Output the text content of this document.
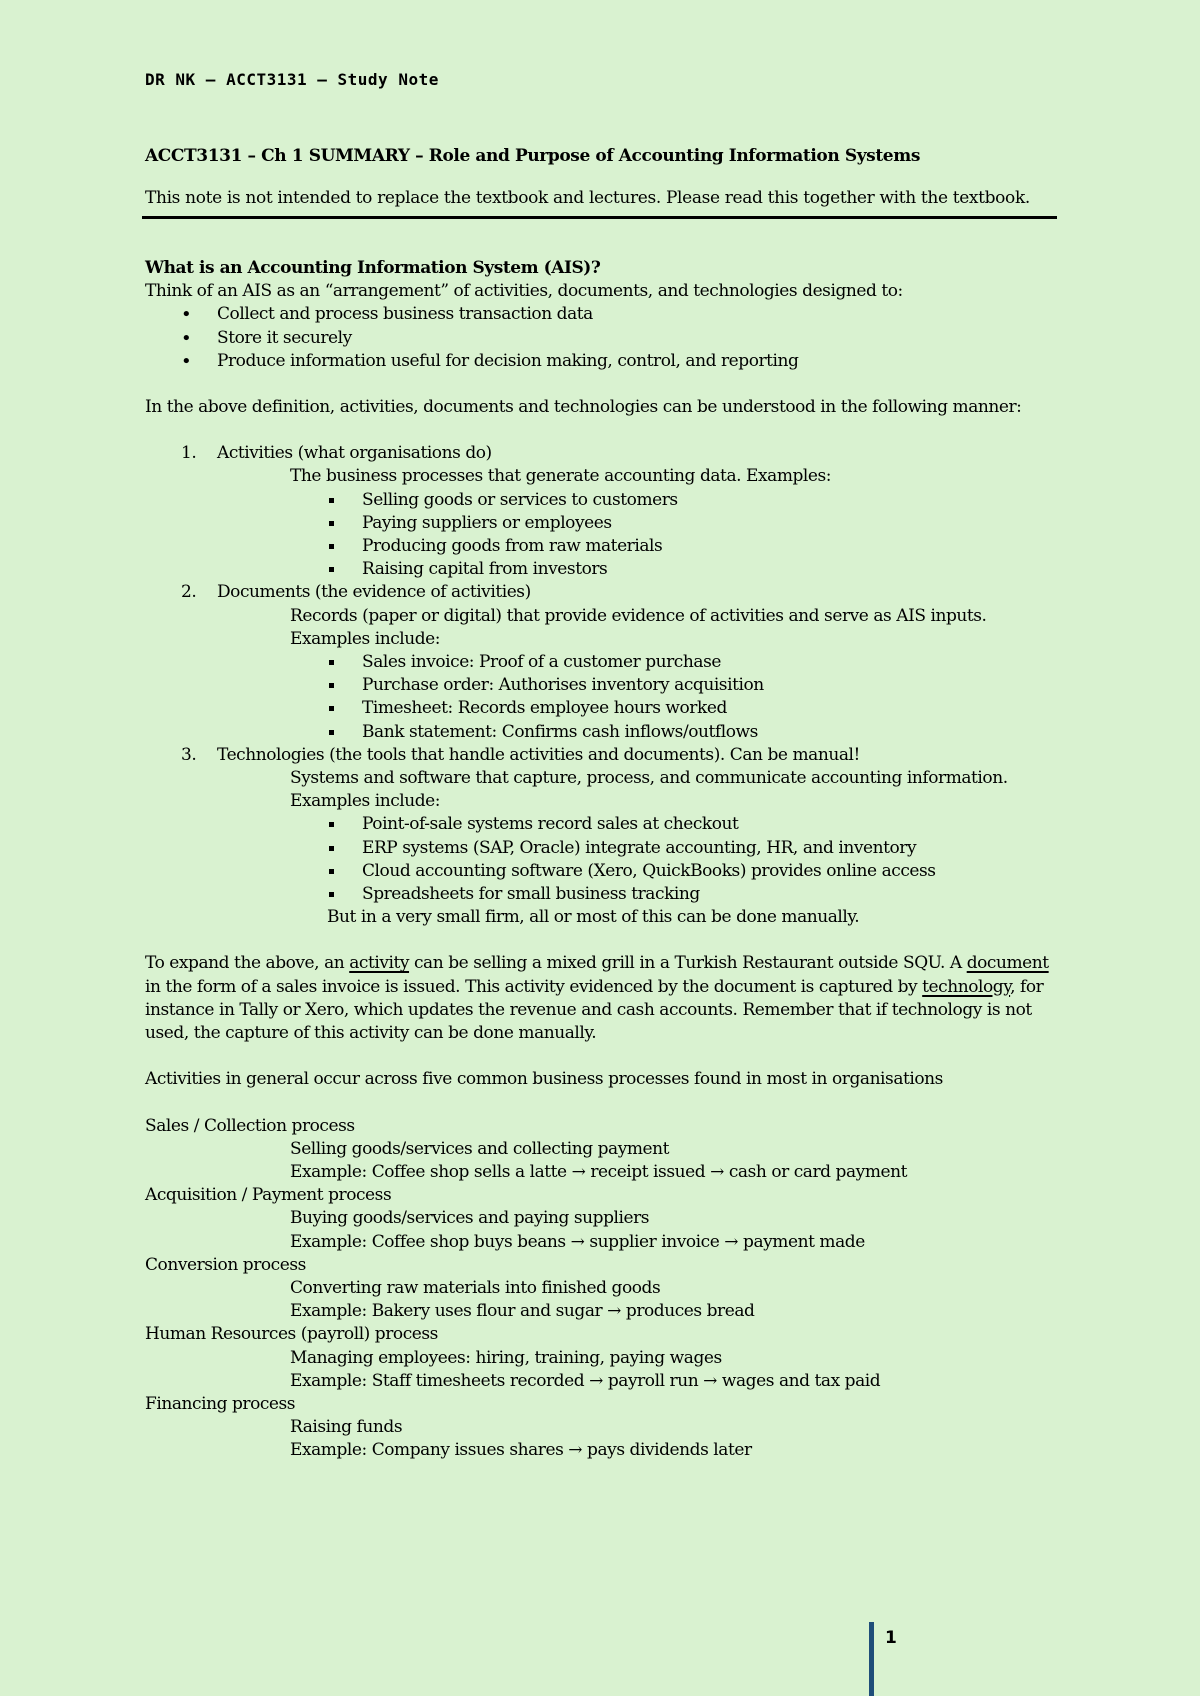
DR NK – ACCT3131 – Study Note
ACCT3131 – Ch 1 SUMMARY – Role and Purpose of Accounting Information Systems
This note is not intended to replace the textbook and lectures. Please read this together with the textbook.

What is an Accounting Information System (AIS)?

Think of an AIS as an “arrangement” of activities, documents, and technologies designed to:

• Collect and process business transaction data

• Store it securely

• Produce information useful for decision making, control, and reporting

In the above definition, activities, documents and technologies can be understood in the following manner:

1. Activities (what organisations do)

The business processes that generate accounting data. Examples:

Selling goods or services to customers

Paying suppliers or employees

Producing goods from raw materials

Raising capital from investors

2. Documents (the evidence of activities)

Records (paper or digital) that provide evidence of activities and serve as AIS inputs.

Examples include:

Sales invoice: Proof of a customer purchase

Purchase order: Authorises inventory acquisition

Timesheet: Records employee hours worked

Bank statement: Confirms cash inflows/outflows

3. Technologies (the tools that handle activities and documents). Can be manual!

Systems and software that capture, process, and communicate accounting information.

Examples include:

Point-of-sale systems record sales at checkout

ERP systems (SAP, Oracle) integrate accounting, HR, and inventory

Cloud accounting software (Xero, QuickBooks) provides online access

Spreadsheets for small business tracking

But in a very small firm, all or most of this can be done manually.

To expand the above, an activity can be selling a mixed grill in a Turkish Restaurant outside SQU. A document in the form of a sales invoice is issued. This activity evidenced by the document is captured by technology, for instance in Tally or Xero, which updates the revenue and cash accounts. Remember that if technology is not used, the capture of this activity can be done manually.

Activities in general occur across five common business processes found in most in organisations

Sales / Collection process

Selling goods/services and collecting payment

Example: Coffee shop sells a latte → receipt issued → cash or card payment

Acquisition / Payment process

Buying goods/services and paying suppliers

Example: Coffee shop buys beans → supplier invoice → payment made

Conversion process

Converting raw materials into finished goods

Example: Bakery uses flour and sugar → produces bread

Human Resources (payroll) process

Managing employees: hiring, training, paying wages

Example: Staff timesheets recorded → payroll run → wages and tax paid

Financing process

Raising funds

Example: Company issues shares → pays dividends later

1
